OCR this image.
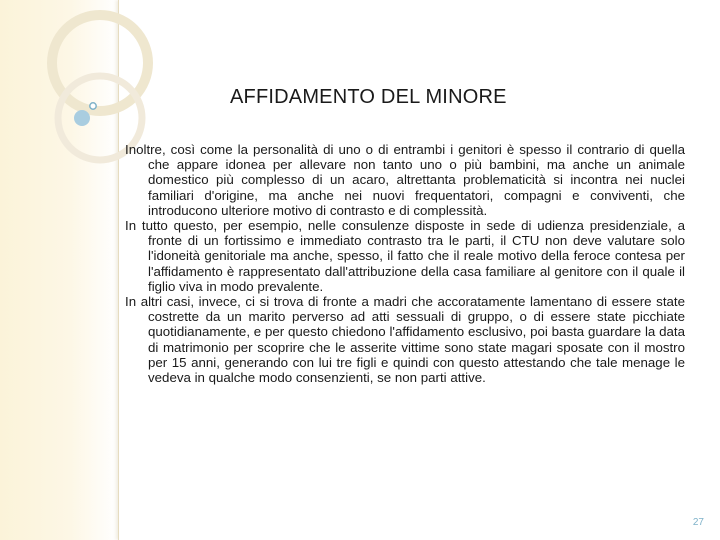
AFFIDAMENTO DEL MINORE

Inoltre, così come la personalità di uno o di entrambi i genitori è spesso il contrario di quella che appare idonea per allevare non tanto uno o più bambini, ma anche un animale domestico più complesso di un acaro, altrettanta problematicità si incontra nei nuclei familiari d'origine, ma anche nei nuovi frequentatori, compagni e conviventi, che introducono ulteriore motivo di contrasto e di complessità.

In tutto questo, per esempio, nelle consulenze disposte in sede di udienza presidenziale, a fronte di un fortissimo e immediato contrasto tra le parti, il CTU non deve valutare solo l'idoneità genitoriale ma anche, spesso, il fatto che il reale motivo della feroce contesa per l'affidamento è rappresentato dall'attribuzione della casa familiare al genitore con il quale il figlio viva in modo prevalente.

In altri casi, invece, ci si trova di fronte a madri che accoratamente lamentano di essere state costrette da un marito perverso ad atti sessuali di gruppo, o di essere state picchiate quotidianamente, e per questo chiedono l'affidamento esclusivo, poi basta guardare la data di matrimonio per scoprire che le asserite vittime sono state magari sposate con il mostro per 15 anni, generando con lui tre figli e quindi con questo attestando che tale menage le vedeva in qualche modo consenzienti, se non parti attive.

27
